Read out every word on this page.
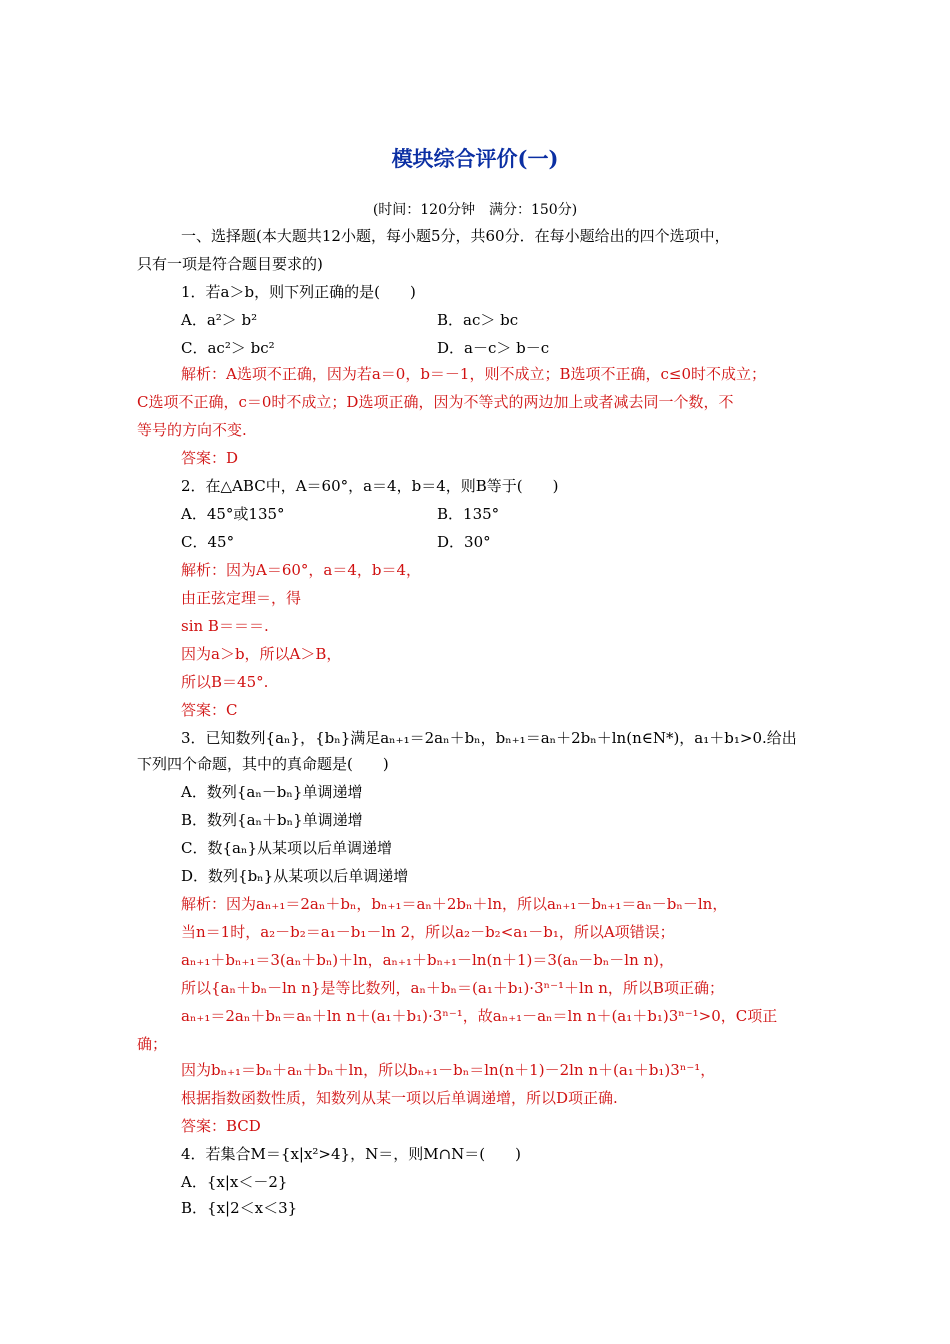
模块综合评价(一)
(时间：120分钟　满分：150分)
一、选择题(本大题共12小题，每小题5分，共60分．在每小题给出的四个选项中，
只有一项是符合题目要求的)
1．若a＞b，则下列正确的是(　　)
A．a²＞ b²	B．ac＞ bc
C．ac²＞ bc²	D．a－c＞ b－c
解析：A选项不正确，因为若a＝0，b＝－1，则不成立；B选项不正确，c≤0时不成立；
C选项不正确，c＝0时不成立；D选项正确，因为不等式的两边加上或者减去同一个数，不
等号的方向不变.
答案：D
2．在△ABC中，A＝60°，a＝4，b＝4，则B等于(　　)
A．45°或135°	B．135°
C．45°	D．30°
解析：因为A＝60°，a＝4，b＝4，
由正弦定理＝，得
sin B＝＝＝.
因为a＞b，所以A＞B，
所以B＝45°.
答案：C
3．已知数列{aₙ}，{bₙ}满足aₙ₊₁＝2aₙ＋bₙ，bₙ₊₁＝aₙ＋2bₙ＋ln(n∈N*)，a₁＋b₁>0.给出
下列四个命题，其中的真命题是(　　)
A．数列{aₙ－bₙ}单调递增
B．数列{aₙ＋bₙ}单调递增
C．数{aₙ}从某项以后单调递增
D．数列{bₙ}从某项以后单调递增
解析：因为aₙ₊₁＝2aₙ＋bₙ，bₙ₊₁＝aₙ＋2bₙ＋ln，所以aₙ₊₁－bₙ₊₁＝aₙ－bₙ－ln，
当n＝1时，a₂－b₂＝a₁－b₁－ln 2，所以a₂－b₂<a₁－b₁，所以A项错误；
aₙ₊₁＋bₙ₊₁＝3(aₙ＋bₙ)＋ln，aₙ₊₁＋bₙ₊₁－ln(n＋1)＝3(aₙ－bₙ－ln n)，
所以{aₙ＋bₙ－ln n}是等比数列，aₙ＋bₙ＝(a₁＋b₁)·3ⁿ⁻¹＋ln n，所以B项正确；
aₙ₊₁＝2aₙ＋bₙ＝aₙ＋ln n＋(a₁＋b₁)·3ⁿ⁻¹，故aₙ₊₁－aₙ＝ln n＋(a₁＋b₁)3ⁿ⁻¹>0，C项正
确；
因为bₙ₊₁＝bₙ＋aₙ＋bₙ＋ln，所以bₙ₊₁－bₙ＝ln(n＋1)－2ln n＋(a₁＋b₁)3ⁿ⁻¹，
根据指数函数性质，知数列从某一项以后单调递增，所以D项正确.
答案：BCD
4．若集合M＝{x|x²>4}，N＝，则M∩N＝(　　)
A．{x|x＜－2}
B．{x|2＜x＜3}
